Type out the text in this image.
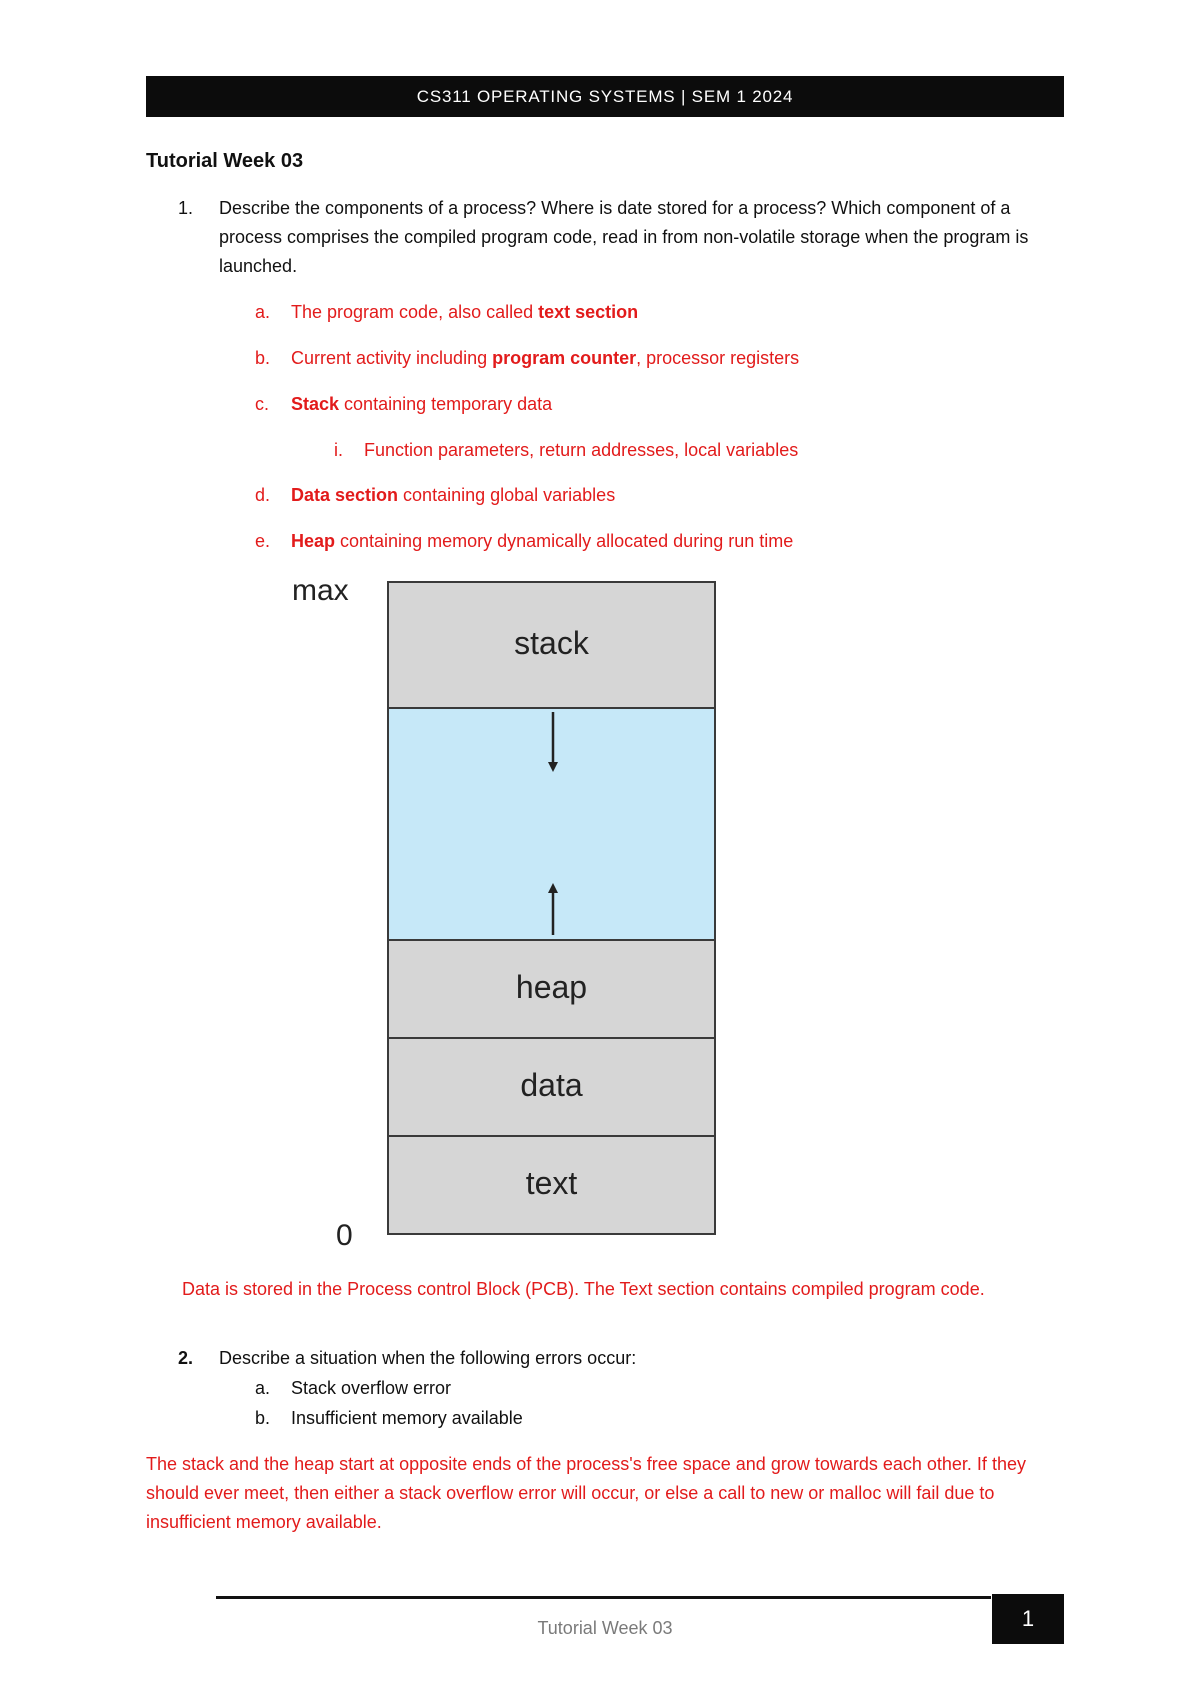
CS311 OPERATING SYSTEMS | SEM 1 2024
Tutorial Week 03
1. Describe the components of a process? Where is date stored for a process? Which component of a process comprises the compiled program code, read in from non-volatile storage when the program is launched.
a. The program code, also called text section
b. Current activity including program counter, processor registers
c. Stack containing temporary data
i. Function parameters, return addresses, local variables
d. Data section containing global variables
e. Heap containing memory dynamically allocated during run time
max
0
stack
heap
data
text
Data is stored in the Process control Block (PCB). The Text section contains compiled program code.
2. Describe a situation when the following errors occur:
a. Stack overflow error
b. Insufficient memory available
The stack and the heap start at opposite ends of the process's free space and grow towards each other. If they should ever meet, then either a stack overflow error will occur, or else a call to new or malloc will fail due to insufficient memory available.
Tutorial Week 03	1
